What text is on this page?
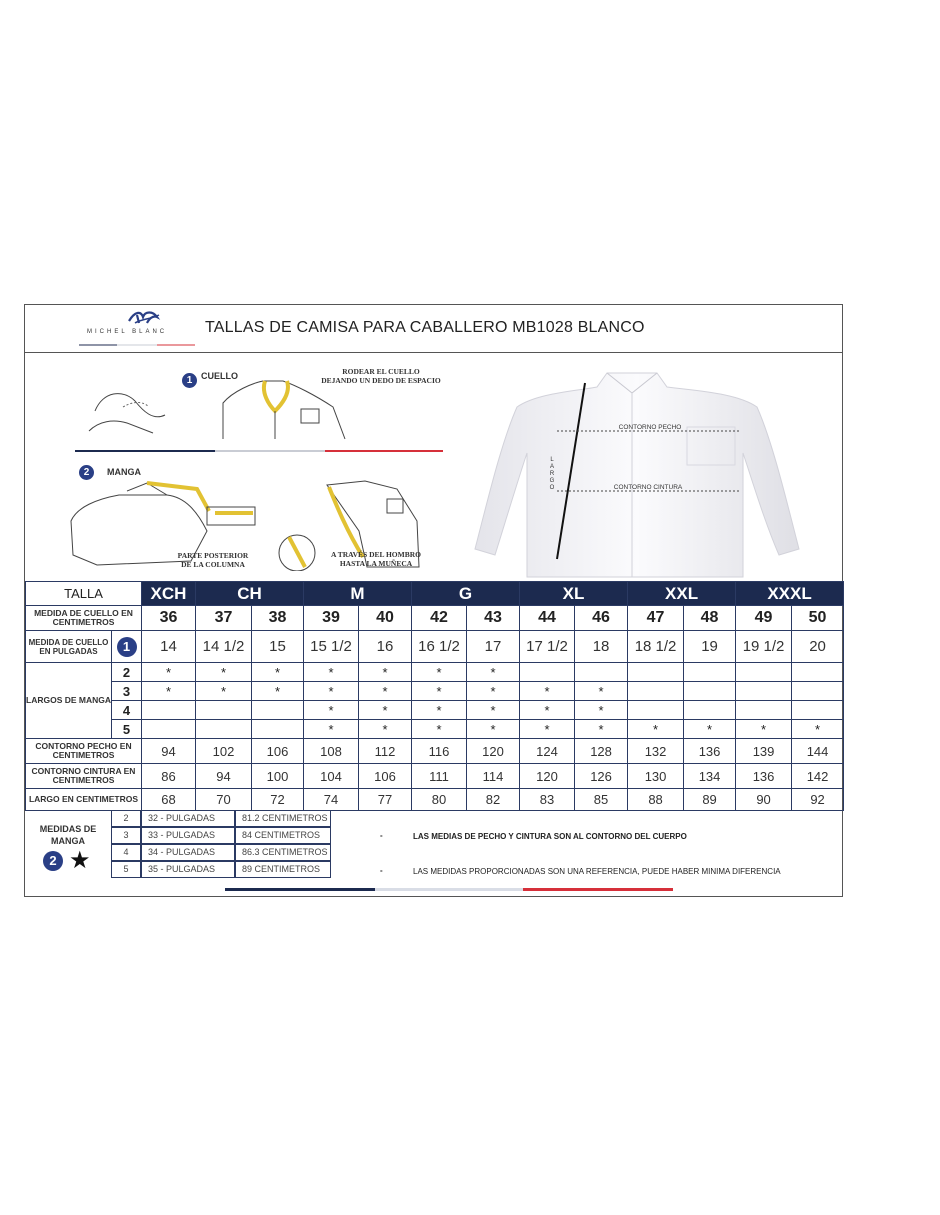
MICHEL BLANC TALLAS DE CAMISA PARA CABALLERO MB1028 BLANCO
1 CUELLO	RODEAR EL CUELLO
DEJANDO UN DEDO DE ESPACIO
2	MANGA
PARTE POSTERIOR
DE LA COLUMNA
A TRAVÉS DEL HOMBRO
HASTA LA MUÑECA
CONTORNO PECHO
CONTORNO CINTURA
LARGO
TALLA		XCH	CH		M		G		XL		XXL		XXXL	
MEDIDA DE CUELLO EN CENTIMETROS		36	37	38	39	40	42	43	44	46	47	48	49	50
MEDIDA DE CUELLO EN PULGADAS	1	14	14 1/2	15	15 1/2	16	16 1/2	17	17 1/2	18	18 1/2	19	19 1/2	20
LARGOS DE MANGA	2	*	*	*	*	*	*	*						
	3	*	*	*	*	*	*	*	*	*				
	4				*	*	*	*	*	*				
	5				*	*	*	*	*	*	*	*	*	*
CONTORNO PECHO EN CENTIMETROS		94	102	106	108	112	116	120	124	128	132	136	139	144
CONTORNO CINTURA EN CENTIMETROS		86	94	100	104	106	111	114	120	126	130	134	136	142
LARGO EN CENTIMETROS		68	70	72	74	77	80	82	83	85	88	89	90	92
MEDIDAS DE MANGA
2 ★
2	32 - PULGADAS	81.2 CENTIMETROS
3	33 - PULGADAS	84 CENTIMETROS
4	34 - PULGADAS	86.3 CENTIMETROS
5	35 - PULGADAS	89 CENTIMETROS
-	LAS MEDIAS DE PECHO Y CINTURA SON AL CONTORNO DEL CUERPO
-	LAS MEDIDAS PROPORCIONADAS SON UNA REFERENCIA, PUEDE HABER MINIMA DIFERENCIA
